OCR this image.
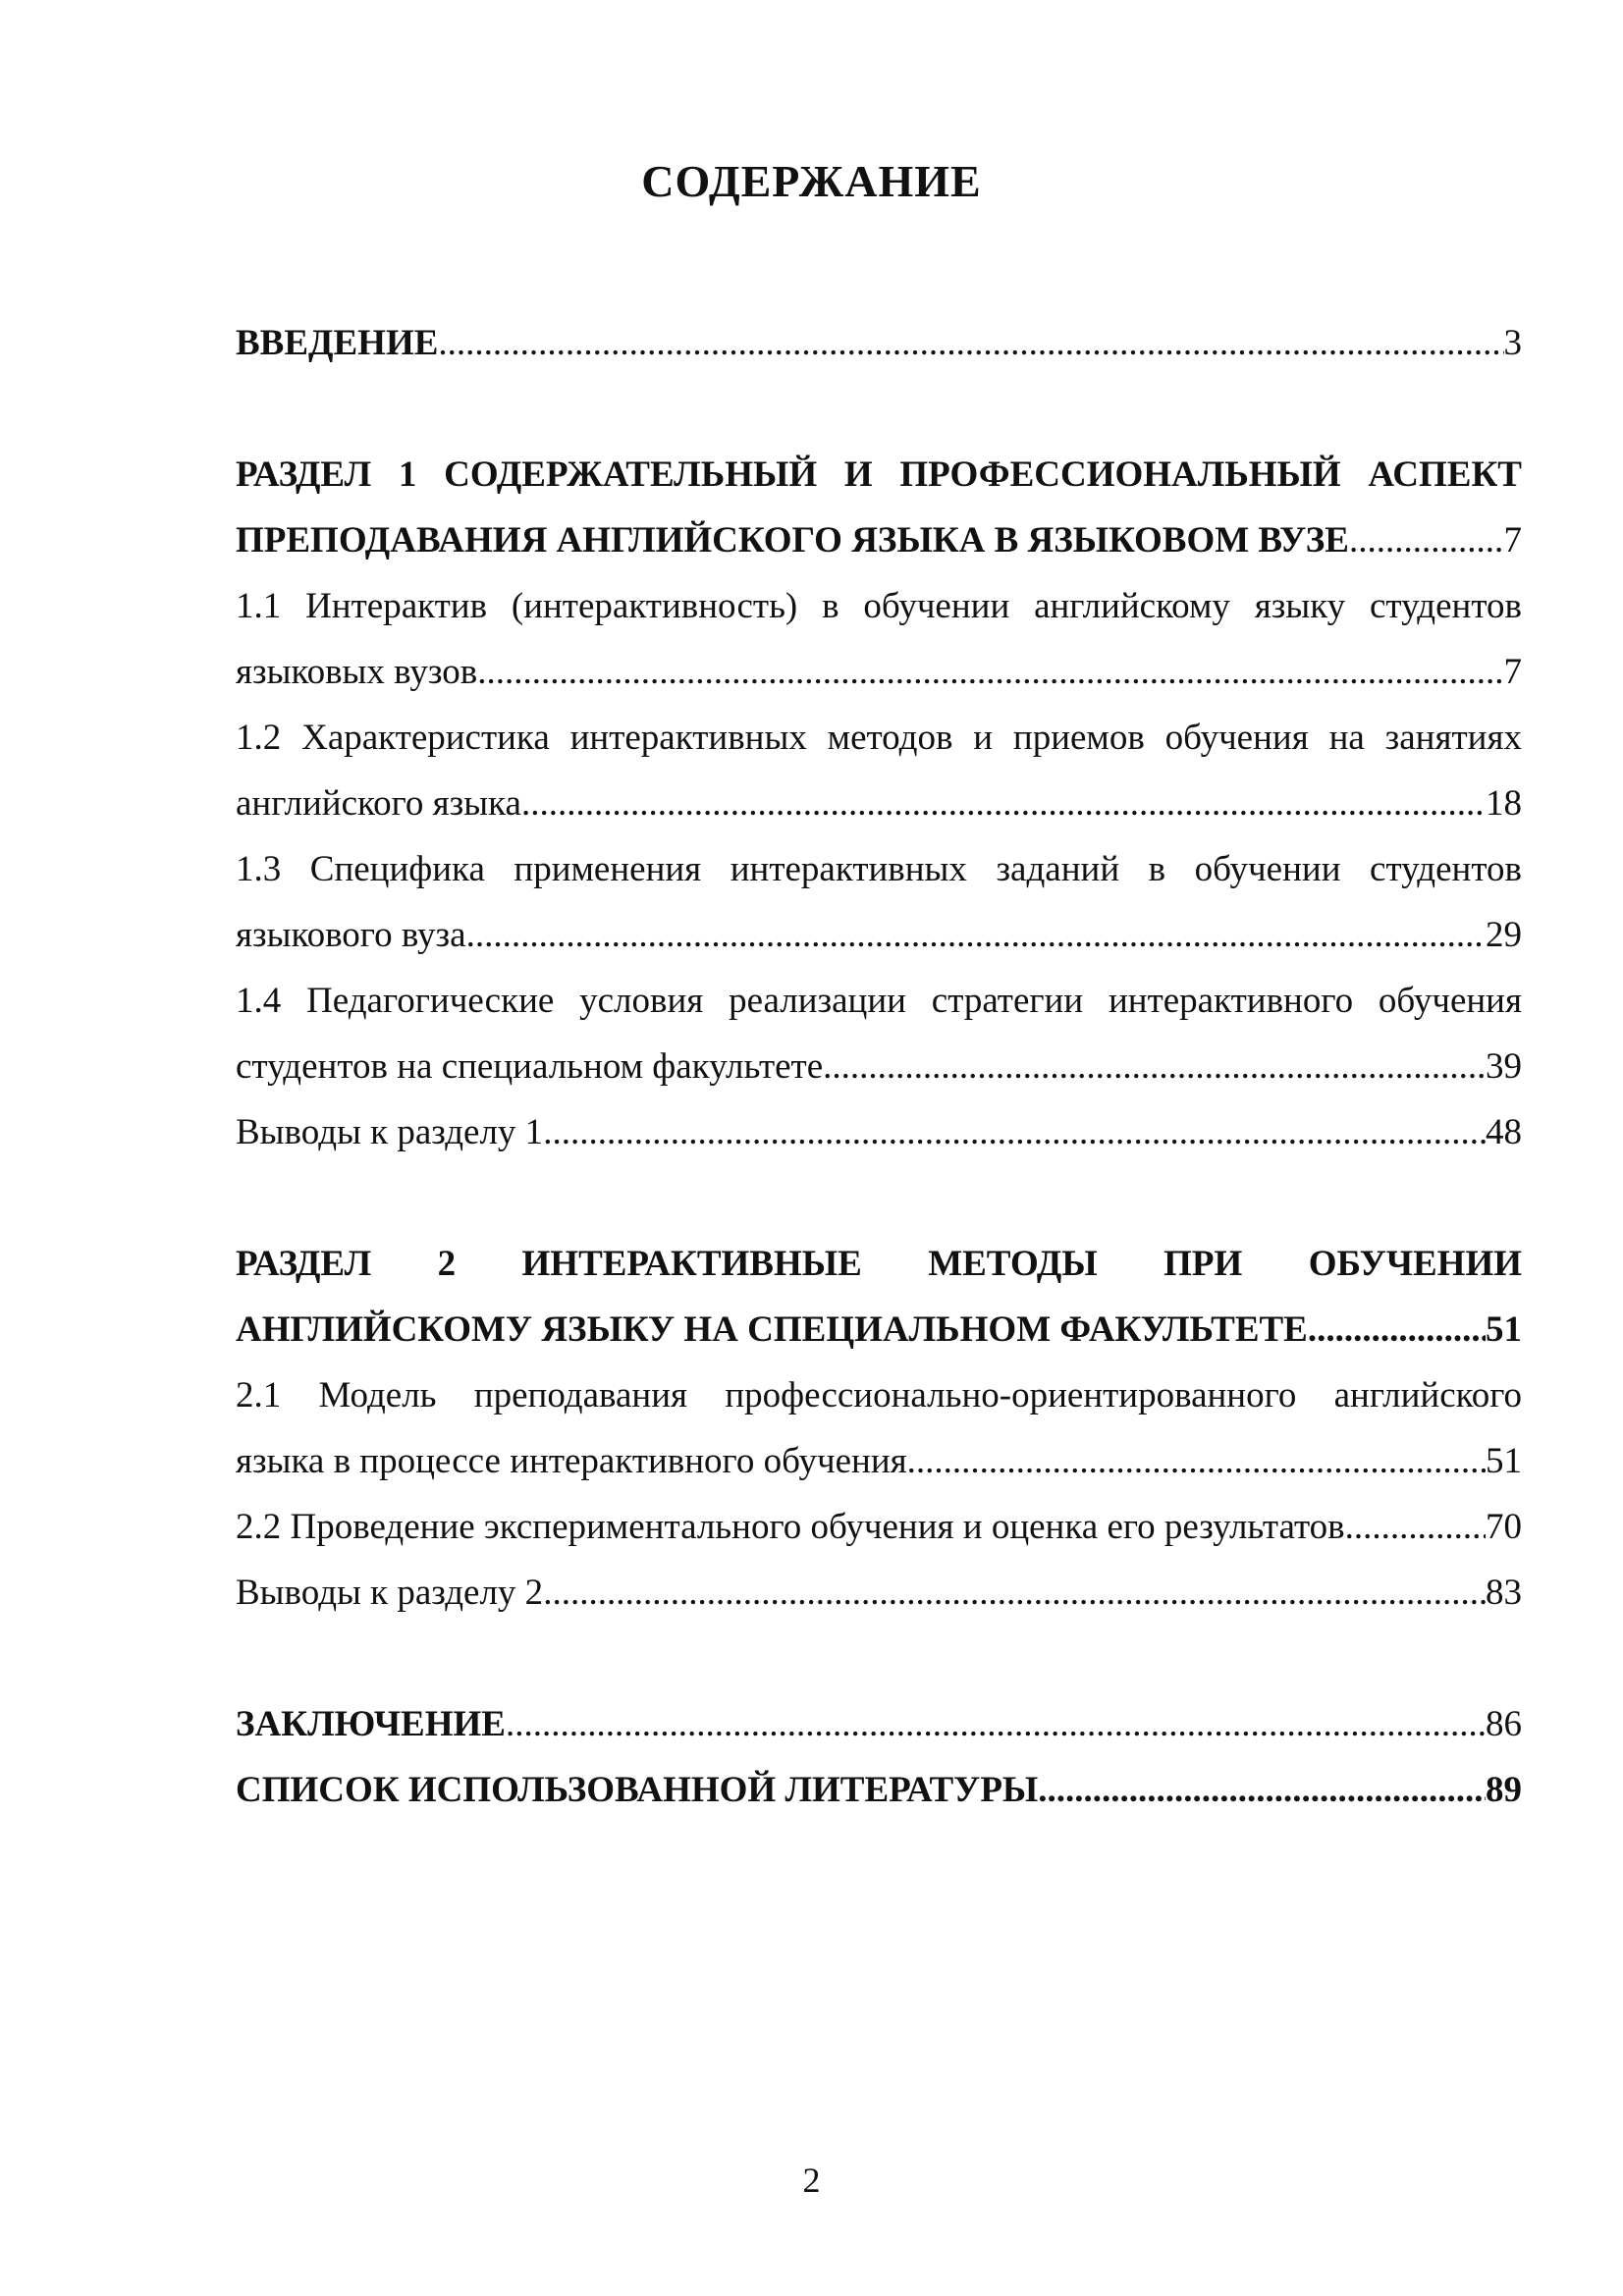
СОДЕРЖАНИЕ
ВВЕДЕНИЕ .....	3
РАЗДЕЛ 1 СОДЕРЖАТЕЛЬНЫЙ И ПРОФЕССИОНАЛЬНЫЙ АСПЕКТ
ПРЕПОДАВАНИЯ АНГЛИЙСКОГО ЯЗЫКА В ЯЗЫКОВОМ ВУЗЕ .....	7
1.1 Интерактив (интерактивность) в обучении английскому языку студентов
языковых вузов .....	7
1.2 Характеристика интерактивных методов и приемов обучения на занятиях
английского языка .....	18
1.3 Специфика применения интерактивных заданий в обучении студентов
языкового вуза .....	29
1.4 Педагогические условия реализации стратегии интерактивного обучения
студентов на специальном факультете .....	39
Выводы к разделу 1 .....	48
РАЗДЕЛ 2 ИНТЕРАКТИВНЫЕ МЕТОДЫ ПРИ ОБУЧЕНИИ
АНГЛИЙСКОМУ ЯЗЫКУ НА СПЕЦИАЛЬНОМ ФАКУЛЬТЕТЕ .....	51
2.1 Модель преподавания профессионально-ориентированного английского
языка в процессе интерактивного обучения .....	51
2.2 Проведение экспериментального обучения и оценка его результатов .....	70
Выводы к разделу 2 .....	83
ЗАКЛЮЧЕНИЕ .....	86
СПИСОК ИСПОЛЬЗОВАННОЙ ЛИТЕРАТУРЫ .....	89
2
